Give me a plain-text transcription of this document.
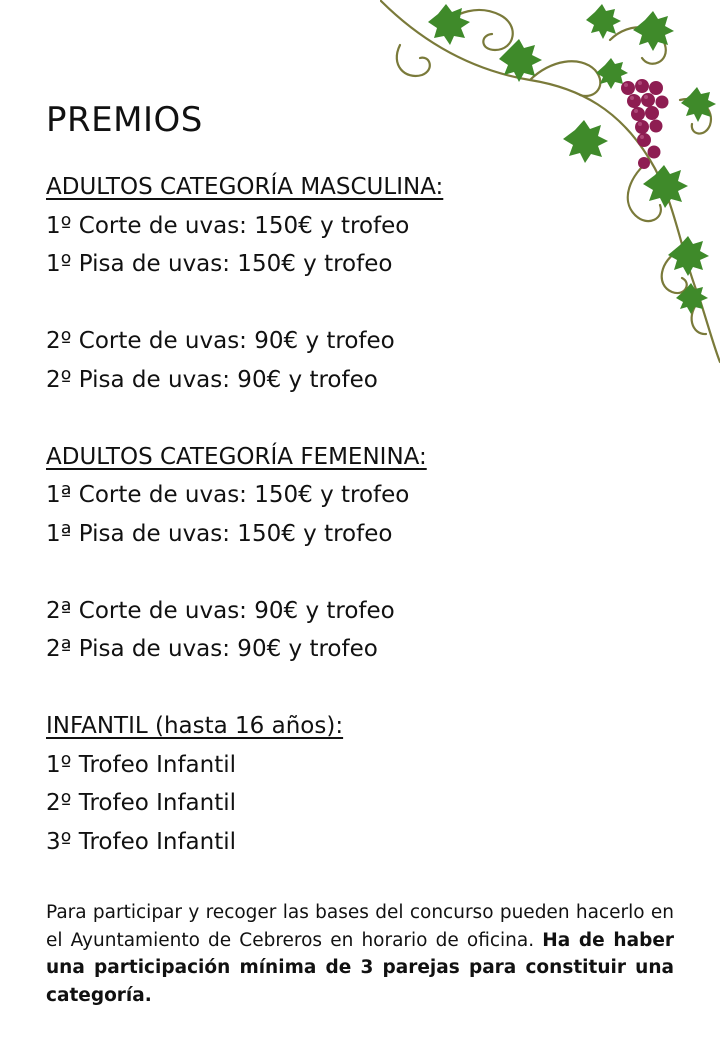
PREMIOS
ADULTOS CATEGORÍA MASCULINA:
1º Corte de uvas: 150€ y trofeo
1º Pisa de uvas: 150€ y trofeo
2º Corte de uvas: 90€ y trofeo
2º Pisa de uvas: 90€ y trofeo
ADULTOS CATEGORÍA FEMENINA:
1ª Corte de uvas: 150€ y trofeo
1ª Pisa de uvas: 150€ y trofeo
2ª Corte de uvas: 90€ y trofeo
2ª Pisa de uvas: 90€ y trofeo
INFANTIL (hasta 16 años):
1º Trofeo Infantil
2º Trofeo Infantil
3º Trofeo Infantil
Para participar y recoger las bases del concurso pueden hacerlo en el Ayuntamiento de Cebreros en horario de oficina. Ha de haber una participación mínima de 3 parejas para constituir una categoría.
